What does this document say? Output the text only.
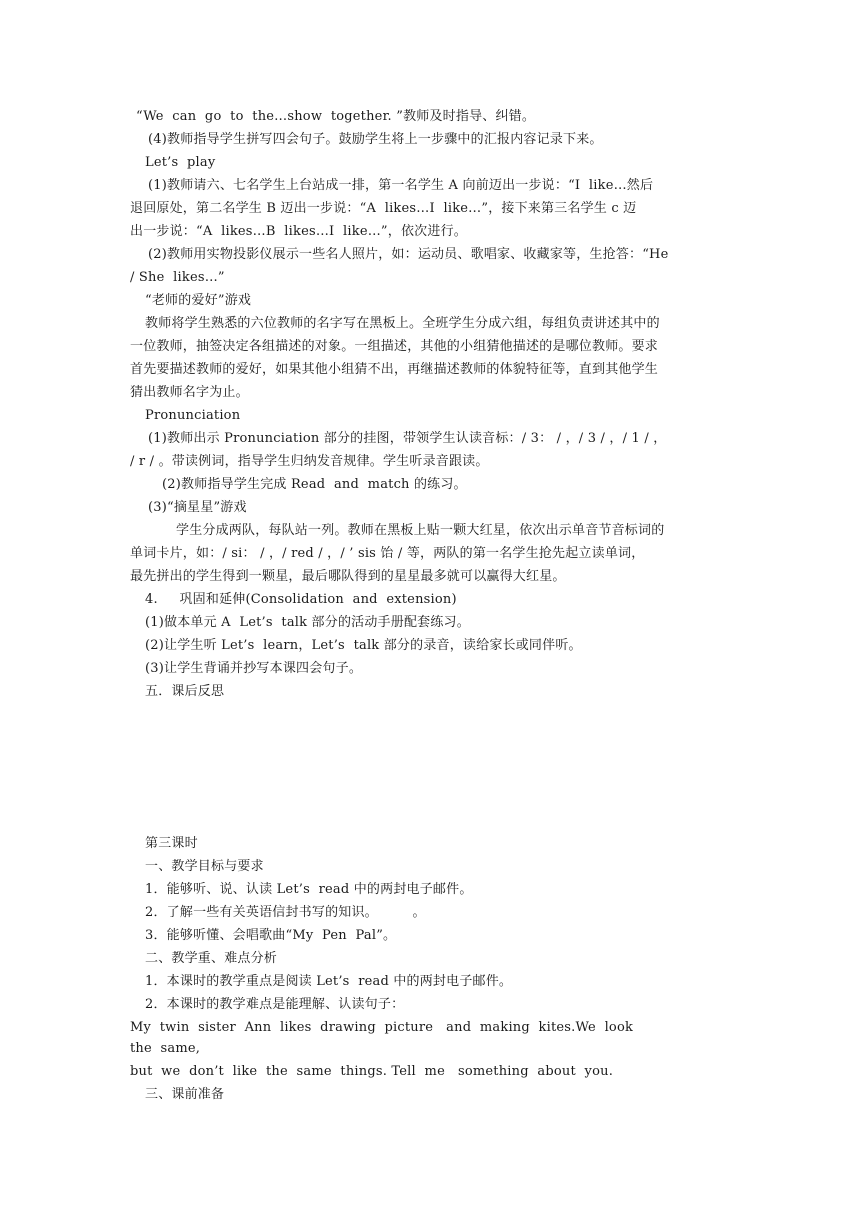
“We  can  go  to  the…show  together. ”教师及时指导、纠错。
(4)教师指导学生拼写四会句子。鼓励学生将上一步骤中的汇报内容记录下来。
Let’s  play
(1)教师请六、七名学生上台站成一排，第一名学生 A 向前迈出一步说：“I  like…然后
退回原处，第二名学生 B 迈出一步说：“A  likes…I  like…”，接下来第三名学生 c 迈
出一步说：“A  likes…B  likes…I  like…”，依次进行。
(2)教师用实物投影仪展示一些名人照片，如：运动员、歌唱家、收藏家等，生抢答：“He
/ She  likes…”
“老师的爱好”游戏
教师将学生熟悉的六位教师的名字写在黑板上。全班学生分成六组，每组负责讲述其中的
一位教师，抽签决定各组描述的对象。一组描述，其他的小组猜他描述的是哪位教师。要求
首先要描述教师的爱好，如果其他小组猜不出，再继描述教师的体貌特征等，直到其他学生
猜出教师名字为止。
Pronunciation
(1)教师出示 Pronunciation 部分的挂图，带领学生认读音标：/ 3： / ，/ 3 / ，/ 1 / ，
/ r / 。带读例词，指导学生归纳发音规律。学生听录音跟读。
(2)教师指导学生完成 Read  and  match 的练习。
(3)“摘星星”游戏
学生分成两队，每队站一列。教师在黑板上贴一颗大红星，依次出示单音节音标词的
单词卡片，如：/ si： / ，/ red / ，/ ’ sis 饴 / 等，两队的第一名学生抢先起立读单词，
最先拼出的学生得到一颗星，最后哪队得到的星星最多就可以赢得大红星。
4.     巩固和延伸(Consolidation  and  extension)
(1)做本单元 A  Let’s  talk 部分的活动手册配套练习。
(2)让学生听 Let’s  learn，Let’s  talk 部分的录音，读给家长或同伴听。
(3)让学生背诵并抄写本课四会句子。
五．课后反思
第三课时
一、教学目标与要求
1．能够听、说、认读 Let’s  read 中的两封电子邮件。
2．了解一些有关英语信封书写的知识。        。
3．能够听懂、会唱歌曲“My  Pen  Pal”。
二、教学重、难点分析
1．本课时的教学重点是阅读 Let’s  read 中的两封电子邮件。
2．本课时的教学难点是能理解、认读句子：
My  twin  sister  Ann  likes  drawing  picture   and  making  kites.We  look
the  same,
but  we  don’t  like  the  same  things. Tell  me   something  about  you.
三、课前准备
